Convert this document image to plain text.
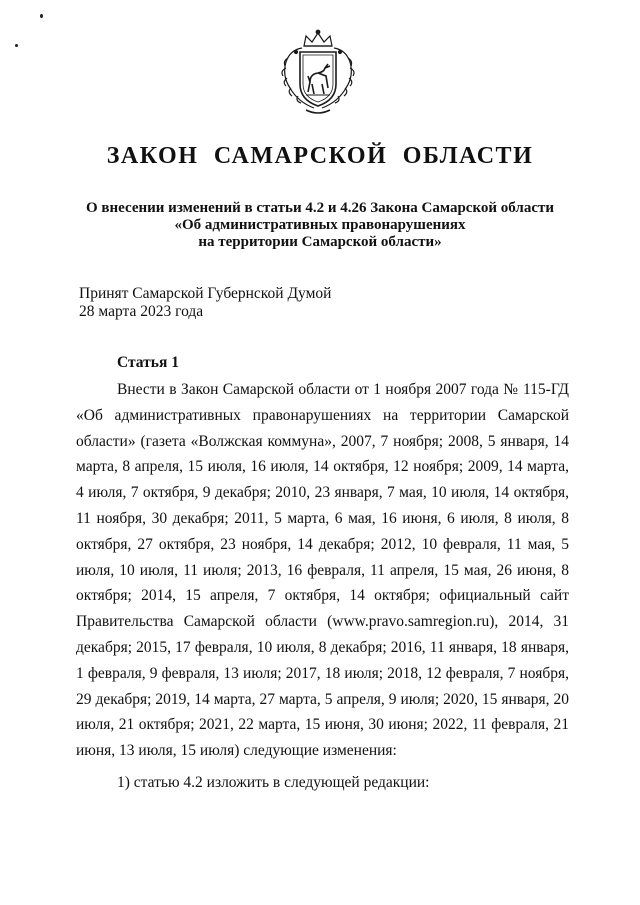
ЗАКОН САМАРСКОЙ ОБЛАСТИ
О внесении изменений в статьи 4.2 и 4.26 Закона Самарской области
«Об административных правонарушениях
на территории Самарской области»
Принят Самарской Губернской Думой
28 марта 2023 года
Статья 1
Внести в Закон Самарской области от 1 ноября 2007 года № 115-ГД «Об административных правонарушениях на территории Самарской области» (газета «Волжская коммуна», 2007, 7 ноября; 2008, 5 января, 14 марта, 8 апреля, 15 июля, 16 июля, 14 октября, 12 ноября; 2009, 14 марта, 4 июля, 7 октября, 9 декабря; 2010, 23 января, 7 мая, 10 июля, 14 октября, 11 ноября, 30 декабря; 2011, 5 марта, 6 мая, 16 июня, 6 июля, 8 июля, 8 октября, 27 октября, 23 ноября, 14 декабря; 2012, 10 февраля, 11 мая, 5 июля, 10 июля, 11 июля; 2013, 16 февраля, 11 апреля, 15 мая, 26 июня, 8 октября; 2014, 15 апреля, 7 октября, 14 октября; официальный сайт Правительства Самарской области (www.pravo.samregion.ru), 2014, 31 декабря; 2015, 17 февраля, 10 июля, 8 декабря; 2016, 11 января, 18 января, 1 февраля, 9 февраля, 13 июля; 2017, 18 июля; 2018, 12 февраля, 7 ноября, 29 декабря; 2019, 14 марта, 27 марта, 5 апреля, 9 июля; 2020, 15 января, 20 июля, 21 октября; 2021, 22 марта, 15 июня, 30 июня; 2022, 11 февраля, 21 июня, 13 июля, 15 июля) следующие изменения:
1) статью 4.2 изложить в следующей редакции:
